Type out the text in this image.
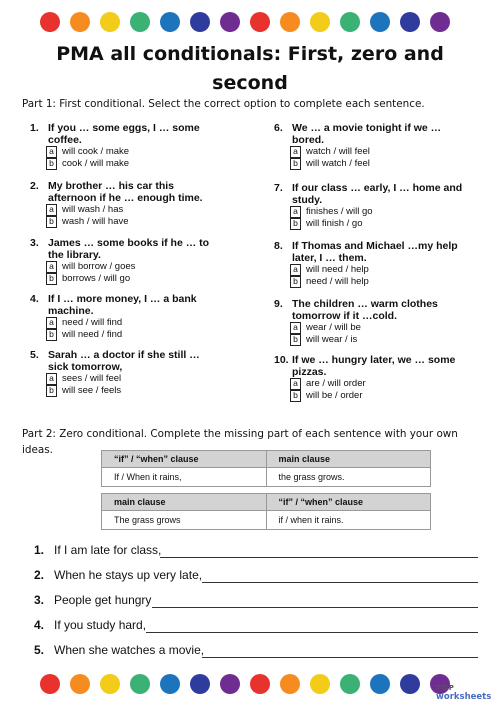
PMA all conditionals: First, zero and second
Part 1: First conditional. Select the correct option to complete each sentence.
1. If you … some eggs, I … some coffee.
a will cook / make
b cook / will make
2. My brother … his car this afternoon if he … enough time.
a will wash / has
b wash / will have
3. James … some books if he … to the library.
a will borrow / goes
b borrows / will go
4. If I … more money, I … a bank machine.
a need / will find
b will need / find
5. Sarah … a doctor if she still … sick tomorrow,
a sees / will feel
b will see / feels
6. We … a movie tonight if we … bored.
a watch / will feel
b will watch / feel
7. If our class … early, I … home and study.
a finishes / will go
b will finish / go
8. If Thomas and Michael …my help later, I … them.
a will need / help
b need / will help
9. The children … warm clothes tomorrow if it …cold.
a wear / will be
b will wear / is
10. If we … hungry later, we … some pizzas.
a are / will order
b will be / order
Part 2: Zero conditional. Complete the missing part of each sentence with your own ideas.
“if” / “when” clause	main clause
If / When it rains,	the grass grows.
main clause	“if” / “when” clause
The grass grows	if / when it rains.
1. If I am late for class,
2. When he stays up very late,
3. People get hungry
4. If you study hard,
5. When she watches a movie,
TOP
worksheets
